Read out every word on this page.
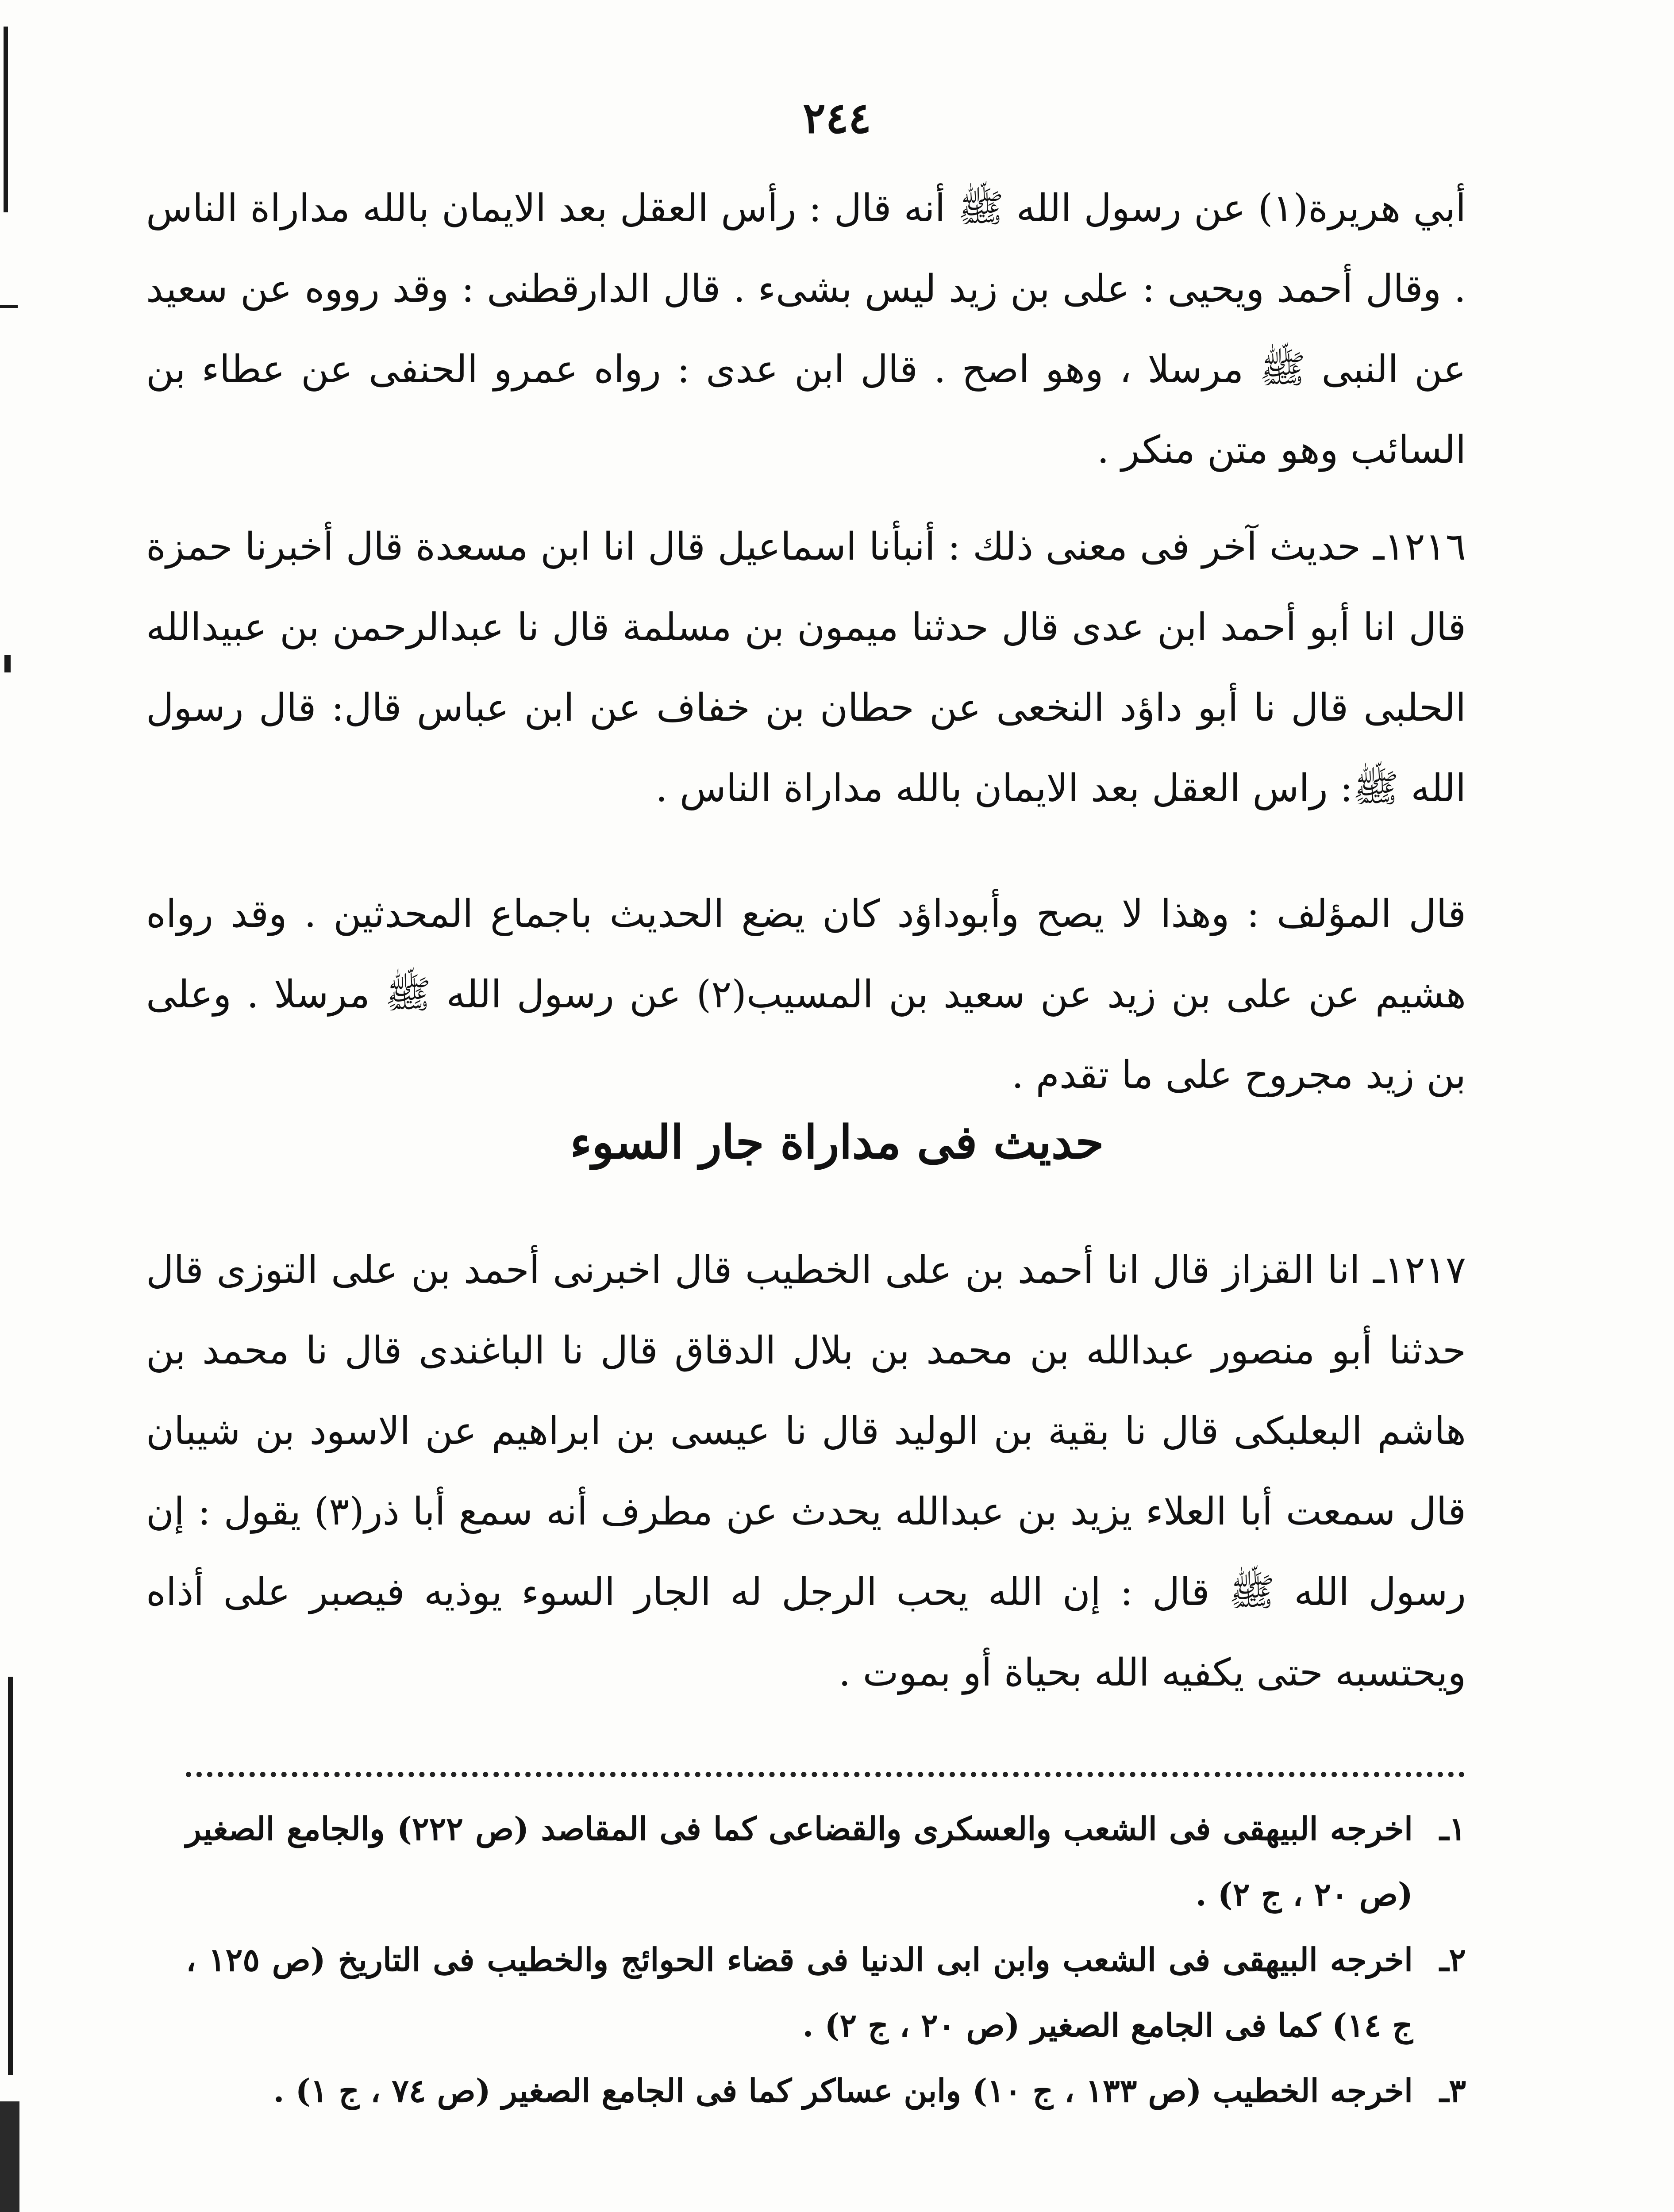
٢٤٤

أبي هريرة(١) عن رسول الله ﷺ أنه قال : رأس العقل بعد الايمان بالله مداراة الناس . وقال أحمد ويحيى : على بن زيد ليس بشىء . قال الدارقطنى : وقد رووه عن سعيد عن النبى ﷺ مرسلا ، وهو اصح . قال ابن عدى : رواه عمرو الحنفى عن عطاء بن السائب وهو متن منكر .

١٢١٦ـ حديث آخر فى معنى ذلك : أنبأنا اسماعيل قال انا ابن مسعدة قال أخبرنا حمزة قال انا أبو أحمد ابن عدى قال حدثنا ميمون بن مسلمة قال نا عبدالرحمن بن عبيدالله الحلبى قال نا أبو داؤد النخعى عن حطان بن خفاف عن ابن عباس قال: قال رسول الله ﷺ: راس العقل بعد الايمان بالله مداراة الناس .

قال المؤلف : وهذا لا يصح وأبوداؤد كان يضع الحديث باجماع المحدثين . وقد رواه هشيم عن على بن زيد عن سعيد بن المسيب(٢) عن رسول الله ﷺ مرسلا . وعلى بن زيد مجروح على ما تقدم .

حديث فى مداراة جار السوء

١٢١٧ـ انا القزاز قال انا أحمد بن على الخطيب قال اخبرنى أحمد بن على التوزى قال حدثنا أبو منصور عبدالله بن محمد بن بلال الدقاق قال نا الباغندى قال نا محمد بن هاشم البعلبكى قال نا بقية بن الوليد قال نا عيسى بن ابراهيم عن الاسود بن شيبان قال سمعت أبا العلاء يزيد بن عبدالله يحدث عن مطرف أنه سمع أبا ذر(٣) يقول : إن رسول الله ﷺ قال : إن الله يحب الرجل له الجار السوء يوذيه فيصبر على أذاه ويحتسبه حتى يكفيه الله بحياة أو بموت .

١ـ
اخرجه البيهقى فى الشعب والعسكرى والقضاعى كما فى المقاصد (ص ٢٢٢) والجامع الصغير (ص ٢٠ ، ج ٢) .
٢ـ
اخرجه البيهقى فى الشعب وابن ابى الدنيا فى قضاء الحوائج والخطيب فى التاريخ (ص ١٢٥ ، ج ١٤) كما فى الجامع الصغير (ص ٢٠ ، ج ٢) .
٣ـ
اخرجه الخطيب (ص ١٣٣ ، ج ١٠) وابن عساكر كما فى الجامع الصغير (ص ٧٤ ، ج ١) .
